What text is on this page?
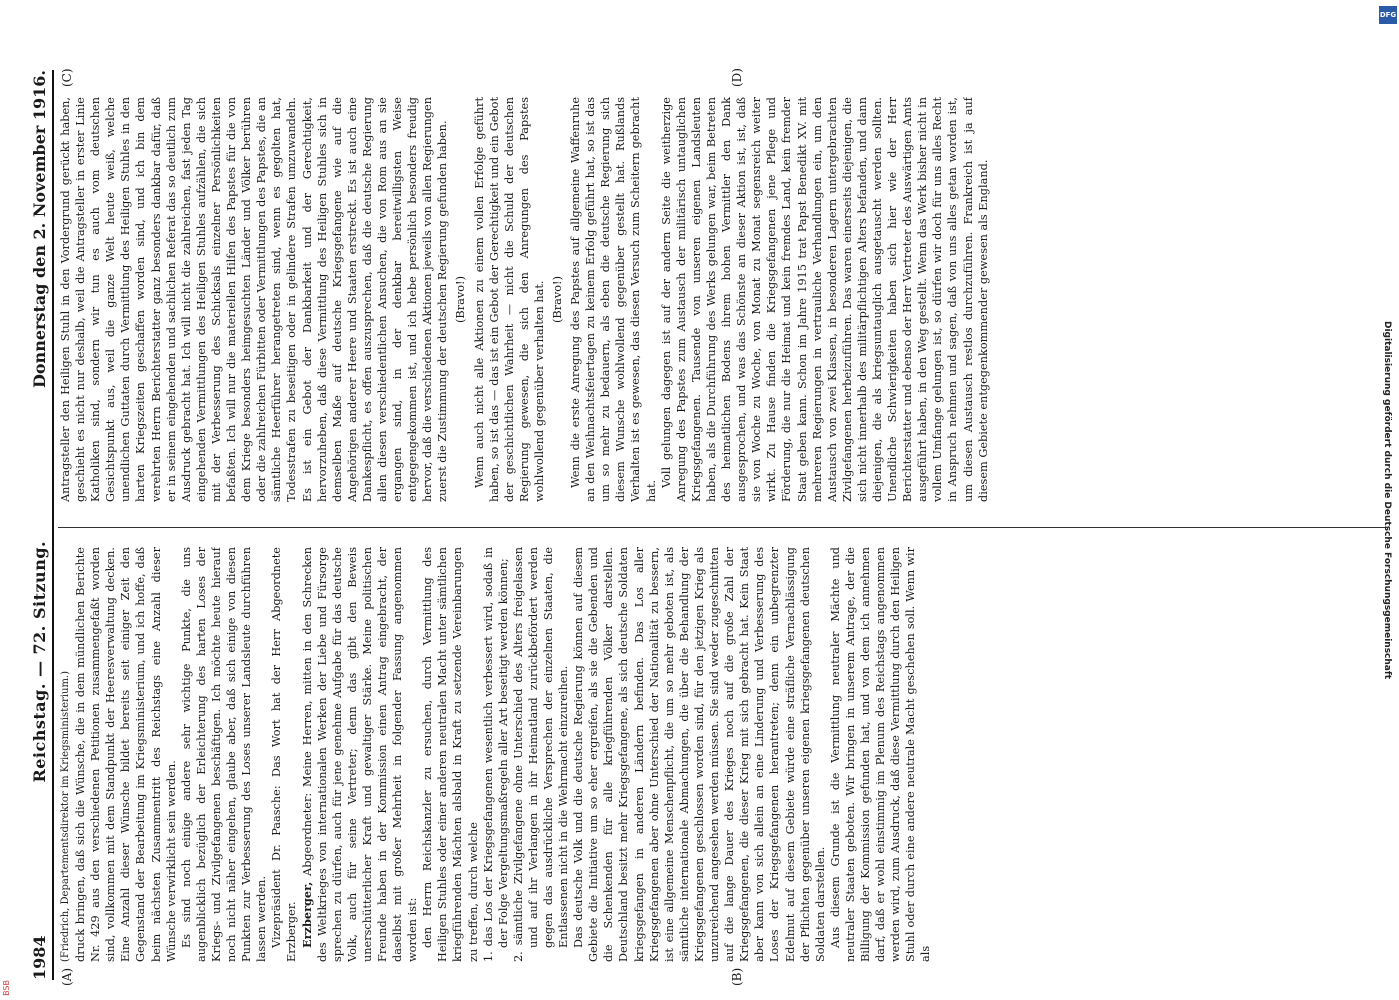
1984
Reichstag. — 72. Sitzung.
Donnerstag den 2. November 1916.
(A)	(B)
(C)	(D)

(Friedrich, Departementsdirektor im Kriegsministerium.) druck bringen, daß sich die Wünsche, die in dem mündlichen Berichte Nr. 429 aus den verschiedenen Petitionen zusammengefaßt worden sind, vollkommen mit dem Standpunkt der Heeresverwaltung decken. Eine Anzahl dieser Wünsche bildet bereits seit einiger Zeit den Gegenstand der Bearbeitung im Kriegsministerium, und ich hoffe, daß beim nächsten Zusammentritt des Reichstags eine Anzahl dieser Wünsche verwirklicht sein werden. Es sind noch einige andere sehr wichtige Punkte, die uns augenblicklich bezüglich der Erleichterung des harten Loses der Kriegs- und Zivilgefangenen beschäftigen. Ich möchte heute hierauf noch nicht näher eingehen, glaube aber, daß sich einige von diesen Punkten zur Verbesserung des Loses unserer Landsleute durchführen lassen werden. Vizepräsident Dr. Paasche: Das Wort hat der Herr Abgeordnete Erzberger. Erzberger, Abgeordneter: Meine Herren, mitten in den Schrecken des Weltkrieges von internationalen Werken der Liebe und Fürsorge sprechen zu dürfen, auch für jene genehme Aufgabe für das deutsche Volk, auch für seine Vertreter; denn das gibt den Beweis unerschütterlicher Kraft und gewaltiger Stärke. Meine politischen Freunde haben in der Kommission einen Antrag eingebracht, der daselbst mit großer Mehrheit in folgender Fassung angenommen worden ist: den Herrn Reichskanzler zu ersuchen, durch Vermittlung des Heiligen Stuhles oder einer anderen neutralen Macht unter sämtlichen kriegführenden Mächten alsbald in Kraft zu setzende Vereinbarungen zu treffen, durch welche 1. das Los der Kriegsgefangenen wesentlich verbessert wird, sodaß in der Folge Vergeltungsmaßregeln aller Art beseitigt werden können; 2. sämtliche Zivilgefangene ohne Unterschied des Alters freigelassen und auf ihr Verlangen in ihr Heimatland zurückbefördert werden gegen das ausdrückliche Versprechen der einzelnen Staaten, die Entlassenen nicht in die Wehrmacht einzureihen. Das deutsche Volk und die deutsche Regierung können auf diesem Gebiete die Initiative um so eher ergreifen, als sie die Gebenden und die Schenkenden für alle kriegführenden Völker darstellen. Deutschland besitzt mehr Kriegsgefangene, als sich deutsche Soldaten kriegsgefangen in anderen Ländern befinden. Das Los aller Kriegsgefangenen aber ohne Unterschied der Nationalität zu bessern, ist eine allgemeine Menschenpflicht, die um so mehr geboten ist, als sämtliche internationale Abmachungen, die über die Behandlung der Kriegsgefangenen geschlossen worden sind, für den jetzigen Krieg als unzureichend angesehen werden müssen. Sie sind weder zugeschnitten auf die lange Dauer des Krieges noch auf die große Zahl der Kriegsgefangenen, die dieser Krieg mit sich gebracht hat. Kein Staat aber kann von sich allein an eine Linderung und Verbesserung des Loses der Kriegsgefangenen herantreten; denn ein unbegrenzter Edelmut auf diesem Gebiete würde eine sträfliche Vernachlässigung der Pflichten gegenüber unseren eigenen kriegsgefangenen deutschen Soldaten darstellen. Aus diesem Grunde ist die Vermittlung neutraler Mächte und neutraler Staaten geboten. Wir bringen in unserem Antrage, der die Billigung der Kommission gefunden hat, und von dem ich annehmen darf, daß er wohl einstimmig im Plenum des Reichstags angenommen werden wird, zum Ausdruck, daß diese Vermittlung durch den Heiligen Stuhl oder durch eine andere neutrale Macht geschehen soll. Wenn wir als

Antragsteller den Heiligen Stuhl in den Vordergrund gerückt haben, geschieht es nicht nur deshalb, weil die Antragsteller in erster Linie Katholiken sind, sondern wir tun es auch vom deutschen Gesichtspunkt aus, weil die ganze Welt heute weiß, welche unendlichen Guttaten durch Vermittlung des Heiligen Stuhles in den harten Kriegszeiten geschaffen worden sind, und ich bin dem verehrten Herrn Berichterstatter ganz besonders dankbar dafür, daß er in seinem eingehenden und sachlichen Referat das so deutlich zum Ausdruck gebracht hat. Ich will nicht die zahlreichen, fast jeden Tag eingehenden Vermittlungen des Heiligen Stuhles aufzählen, die sich mit der Verbesserung des Schicksals einzelner Persönlichkeiten befaßten. Ich will nur die materiellen Hilfen des Papstes für die von dem Kriege besonders heimgesuchten Länder und Völker berühren oder die zahlreichen Fürbitten oder Vermittlungen des Papstes, die an sämtliche Heerführer herangetreten sind, wenn es gegolten hat, Todesstrafen zu beseitigen oder in gelindere Strafen umzuwandeln. Es ist ein Gebot der Dankbarkeit und der Gerechtigkeit, hervorzuheben, daß diese Vermittlung des Heiligen Stuhles sich in demselben Maße auf deutsche Kriegsgefangene wie auf die Angehörigen anderer Heere und Staaten erstreckt. Es ist auch eine Dankespflicht, es offen auszusprechen, daß die deutsche Regierung allen diesen verschiedentlichen Ansuchen, die von Rom aus an sie ergangen sind, in der denkbar bereitwilligsten Weise entgegengekommen ist, und ich hebe persönlich besonders freudig hervor, daß die verschiedenen Aktionen jeweils von allen Regierungen zuerst die Zustimmung der deutschen Regierung gefunden haben. (Bravo!) Wenn auch nicht alle Aktionen zu einem vollen Erfolge geführt haben, so ist das — das ist ein Gebot der Gerechtigkeit und ein Gebot der geschichtlichen Wahrheit — nicht die Schuld der deutschen Regierung gewesen, die sich den Anregungen des Papstes wohlwollend gegenüber verhalten hat. (Bravo!) Wenn die erste Anregung des Papstes auf allgemeine Waffenruhe an den Weihnachtsfeiertagen zu keinem Erfolg geführt hat, so ist das um so mehr zu bedauern, als eben die deutsche Regierung sich diesem Wunsche wohlwollend gegenüber gestellt hat. Rußlands Verhalten ist es gewesen, das diesen Versuch zum Scheitern gebracht hat.

Voll gelungen dagegen ist auf der andern Seite die weitherzige Anregung des Papstes zum Austausch der militärisch untauglichen Kriegsgefangenen. Tausende von unseren eigenen Landsleuten haben, als die Durchführung des Werks gelungen war, beim Betreten des heimatlichen Bodens ihrem hohen Vermittler den Dank ausgesprochen, und was das Schönste an dieser Aktion ist, ist, daß sie von Woche zu Woche, von Monat zu Monat segensreich weiter wirkt. Zu Hause finden die Kriegsgefangenen jene Pflege und Förderung, die nur die Heimat und kein fremdes Land, kein fremder Staat geben kann. Schon im Jahre 1915 trat Papst Benedikt XV. mit mehreren Regierungen in vertrauliche Verhandlungen ein, um den Austausch von zwei Klassen, in besonderen Lagern untergebrachten Zivilgefangenen herbeizuführen. Das waren einerseits diejenigen, die sich nicht innerhalb des militärpflichtigen Alters befanden, und dann diejenigen, die als kriegsuntauglich ausgetauscht werden sollten. Unendliche Schwierigkeiten haben sich hier wie der Herr Berichterstatter und ebenso der Herr Vertreter des Auswärtigen Amts ausgeführt haben, in den Weg gestellt. Wenn das Werk bisher nicht in vollem Umfange gelungen ist, so dürfen wir doch für uns alles Recht in Anspruch nehmen und sagen, daß von uns alles getan worden ist, um diesen Austausch restlos durchzuführen. Frankreich ist ja auf diesem Gebiete entgegenkommender gewesen als England.

DFG
Digitalisierung gefördert durch die Deutsche Forschungsgemeinschaft
BSB
